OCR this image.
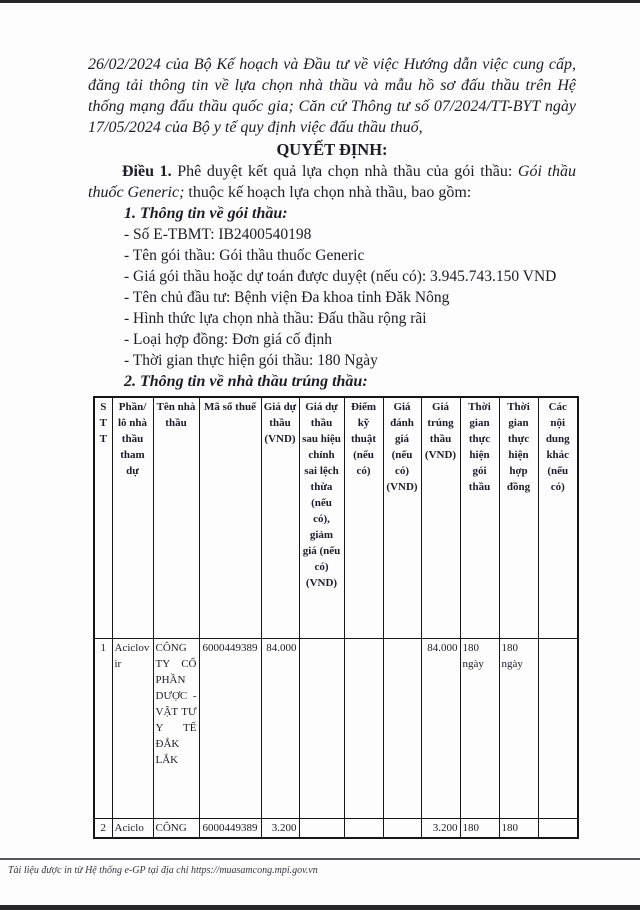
26/02/2024 của Bộ Kế hoạch và Đầu tư về việc Hướng dẫn việc cung cấp, đăng tải thông tin về lựa chọn nhà thầu và mẫu hồ sơ đấu thầu trên Hệ thống mạng đấu thầu quốc gia; Căn cứ Thông tư số 07/2024/TT-BYT ngày 17/05/2024 của Bộ y tế quy định việc đấu thầu thuố,

QUYẾT ĐỊNH:

Điều 1. Phê duyệt kết quả lựa chọn nhà thầu của gói thầu: Gói thầu thuốc Generic; thuộc kế hoạch lựa chọn nhà thầu, bao gồm:

1. Thông tin về gói thầu:

- Số E-TBMT: IB2400540198

- Tên gói thầu: Gói thầu thuốc Generic

- Giá gói thầu hoặc dự toán được duyệt (nếu có): 3.945.743.150 VND

- Tên chủ đầu tư: Bệnh viện Đa khoa tỉnh Đăk Nông

- Hình thức lựa chọn nhà thầu: Đấu thầu rộng rãi

- Loại hợp đồng: Đơn giá cố định

- Thời gian thực hiện gói thầu: 180 Ngày

2. Thông tin về nhà thầu trúng thầu:

STT	Phần/ lô nhà thầu tham dự	Tên nhà thầu	Mã số thuế	Giá dự thầu (VND)	Giá dự thầu sau hiệu chỉnh sai lệch thừa (nếu có), giảm giá (nếu có) (VND)	Điểm kỹ thuật (nếu có)	Giá đánh giá (nếu có) (VND)	Giá trúng thầu (VND)	Thời gian thực hiện gói thầu	Thời gian thực hiện hợp đồng	Các nội dung khác (nếu có)
1	Aciclovir	CÔNG TY CỔ PHẦN DƯỢC - VẬT TƯ Y TẾ ĐẮK LẮK	6000449389	84.000				84.000	180 ngày	180 ngày	
2	Aciclo	CÔNG	6000449389	3.200				3.200	180	180	
Tài liệu được in từ Hệ thống e-GP tại địa chỉ https://muasamcong.mpi.gov.vn
